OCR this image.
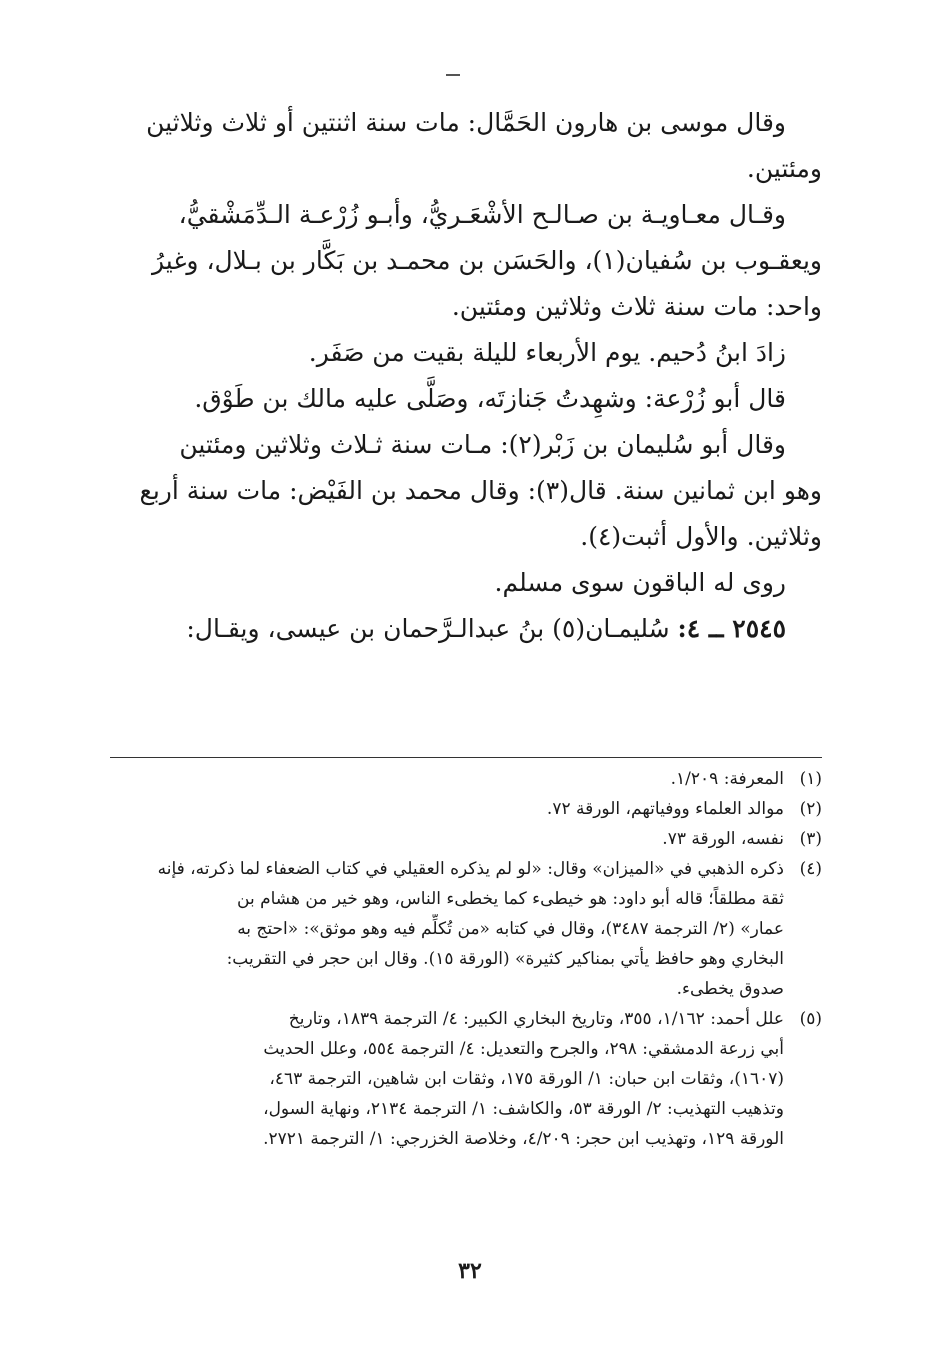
وقال موسى بن هارون الحَمَّال: مات سنة اثنتين أو ثلاث وثلاثين
ومئتين.

وقـال معـاويـة بن صـالـح الأشْعَـريُّ، وأبـو زُرْعـة الـدِّمَشْقيُّ،
ويعقـوب بن سُفيان(١)، والحَسَن بن محمـد بن بَكَّار بن بـلال، وغيرُ
واحد: مات سنة ثلاث وثلاثين ومئتين.

زادَ ابنُ دُحيم. يوم الأربعاء لليلة بقيت من صَفَر.

قال أبو زُرْعة: وشهِدتُ جَنازتَه، وصَلَّى عليه مالك بن طَوْق.

وقال أبو سُليمان بن زَبْر(٢): مـات سنة ثـلاث وثلاثين ومئتين
وهو ابن ثمانين سنة. قال(٣): وقال محمد بن الفَيْض: مات سنة أربع
وثلاثين. والأول أثبت(٤).

روى له الباقون سوى مسلم.

٢٥٤٥ ــ ٤: سُليمـان(٥) بنُ عبدالـرَّحمان بن عيسى، ويقـال:

(١)
المعرفة: ١/٢٠٩.
(٢)
موالد العلماء ووفياتهم، الورقة ٧٢.
(٣)
نفسه، الورقة ٧٣.
(٤)
ذكره الذهبي في «الميزان» وقال: «لو لم يذكره العقيلي في كتاب الضعفاء لما ذكرته، فإنه
ثقة مطلقاً؛ قاله أبو داود: هو خيطىء كما يخطىء الناس، وهو خير من هشام بن
عمار» (٢/ الترجمة ٣٤٨٧)، وقال في كتابه «من تُكلِّم فيه وهو موثق»: «احتج به
البخاري وهو حافظ يأتي بمناكير كثيرة» (الورقة ١٥). وقال ابن حجر في التقريب:
صدوق يخطىء.
(٥)
علل أحمد: ١/١٦٢، ٣٥٥، وتاريخ البخاري الكبير: ٤/ الترجمة ١٨٣٩، وتاريخ
أبي زرعة الدمشقي: ٢٩٨، والجرح والتعديل: ٤/ الترجمة ٥٥٤، وعلل الحديث
(١٦٠٧)، وثقات ابن حبان: ١/ الورقة ١٧٥، وثقات ابن شاهين، الترجمة ٤٦٣،
وتذهيب التهذيب: ٢/ الورقة ٥٣، والكاشف: ١/ الترجمة ٢١٣٤، ونهاية السول،
الورقة ١٢٩، وتهذيب ابن حجر: ٤/٢٠٩، وخلاصة الخزرجي: ١/ الترجمة ٢٧٢١.
٣٢
